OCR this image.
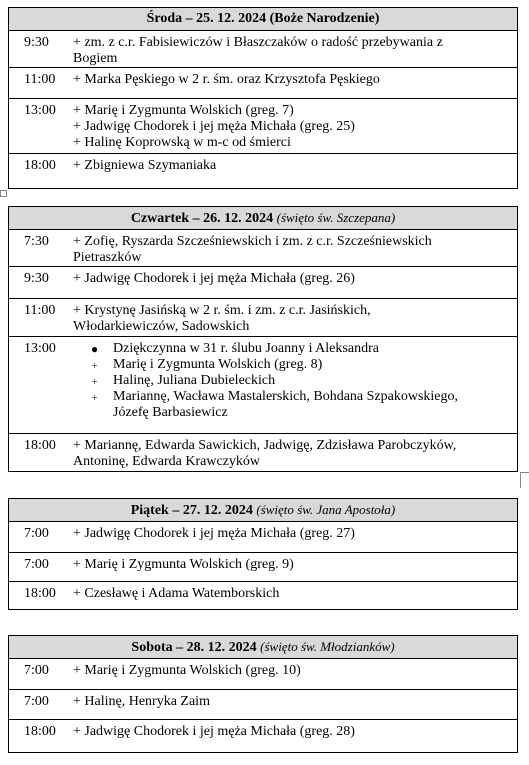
Środa – 25. 12. 2024 (Boże Narodzenie)
9:30	+ zm. z c.r. Fabisiewiczów i Błaszczaków o radość przebywania z
Bogiem
11:00	+ Marka Pęskiego w 2 r. śm. oraz Krzysztofa Pęskiego
13:00	+ Marię i Zygmunta Wolskich (greg. 7)
+ Jadwigę Chodorek i jej męża Michała (greg. 25)
+ Halinę Koprowską w m-c od śmierci
18:00	+ Zbigniewa Szymaniaka
Czwartek – 26. 12. 2024 (święto św. Szczepana)
7:30	+ Zofię, Ryszarda Szcześniewskich i zm. z c.r. Szcześniewskich
Pietraszków
9:30	+ Jadwigę Chodorek i jej męża Michała (greg. 26)
11:00	+ Krystynę Jasińską w 2 r. śm. i zm. z c.r. Jasińskich,
Włodarkiewiczów, Sadowskich
13:00	●	Dziękczynna w 31 r. ślubu Joanny i Aleksandra
+	Marię i Zygmunta Wolskich (greg. 8)
+	Halinę, Juliana Dubieleckich
+	Mariannę, Wacława Mastalerskich, Bohdana Szpakowskiego,
Józefę Barbasiewicz
18:00	+ Mariannę, Edwarda Sawickich, Jadwigę, Zdzisława Parobczyków,
Antoninę, Edwarda Krawczyków
Piątek – 27. 12. 2024 (święto św. Jana Apostoła)
7:00	+ Jadwigę Chodorek i jej męża Michała (greg. 27)
7:00	+ Marię i Zygmunta Wolskich (greg. 9)
18:00	+ Czesławę i Adama Watemborskich
Sobota – 28. 12. 2024 (święto św. Młodzianków)
7:00	+ Marię i Zygmunta Wolskich (greg. 10)
7:00	+ Halinę, Henryka Zaim
18:00	+ Jadwigę Chodorek i jej męża Michała (greg. 28)
